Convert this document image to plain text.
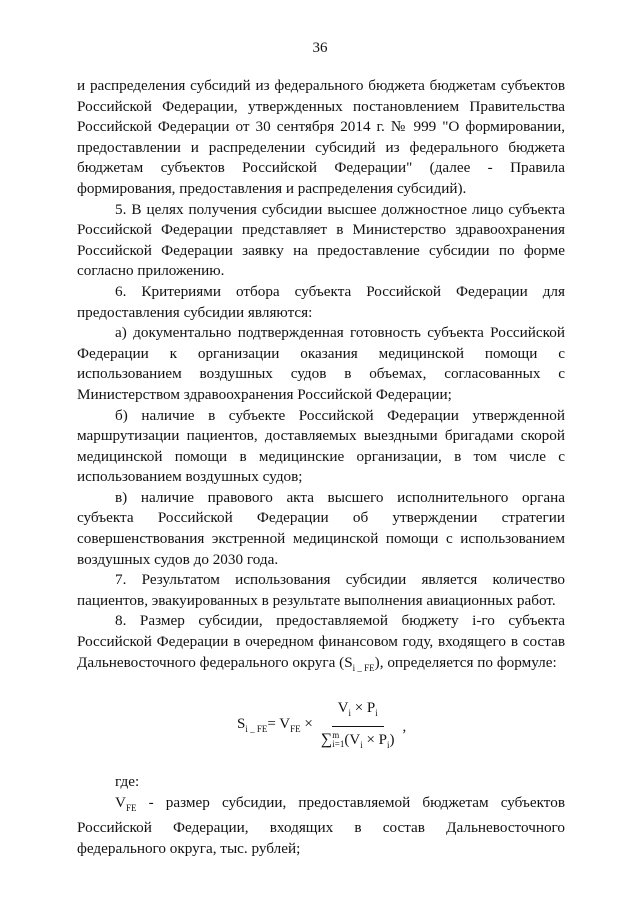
36

и распределения субсидий из федерального бюджета бюджетам субъектов Российской Федерации, утвержденных постановлением Правительства Российской Федерации от 30 сентября 2014 г. № 999 "О формировании, предоставлении и распределении субсидий из федерального бюджета бюджетам субъектов Российской Федерации" (далее - Правила формирования, предоставления и распределения субсидий).

5. В целях получения субсидии высшее должностное лицо субъекта Российской Федерации представляет в Министерство здравоохранения Российской Федерации заявку на предоставление субсидии по форме согласно приложению.

6. Критериями отбора субъекта Российской Федерации для предоставления субсидии являются:

а) документально подтвержденная готовность субъекта Российской Федерации к организации оказания медицинской помощи с использованием воздушных судов в объемах, согласованных с Министерством здравоохранения Российской Федерации;

б) наличие в субъекте Российской Федерации утвержденной маршрутизации пациентов, доставляемых выездными бригадами скорой медицинской помощи в медицинские организации, в том числе с использованием воздушных судов;

в) наличие правового акта высшего исполнительного органа субъекта Российской Федерации об утверждении стратегии совершенствования экстренной медицинской помощи с использованием воздушных судов до 2030 года.

7. Результатом использования субсидии является количество пациентов, эвакуированных в результате выполнения авиационных работ.

8. Размер субсидии, предоставляемой бюджету i-го субъекта Российской Федерации в очередном финансовом году, входящего в состав Дальневосточного федерального округа $(S_{i \_ FE})$, определяется по формуле:

$S_{i \_ FE} = V_{FE} \times V_i \times P_i$
∑ m
i=1 $(V_i \times P_i)$ ,

где:

$V_{FE}$ - размер субсидии, предоставляемой бюджетам субъектов Российской Федерации, входящих в состав Дальневосточного федерального округа, тыс. рублей;
